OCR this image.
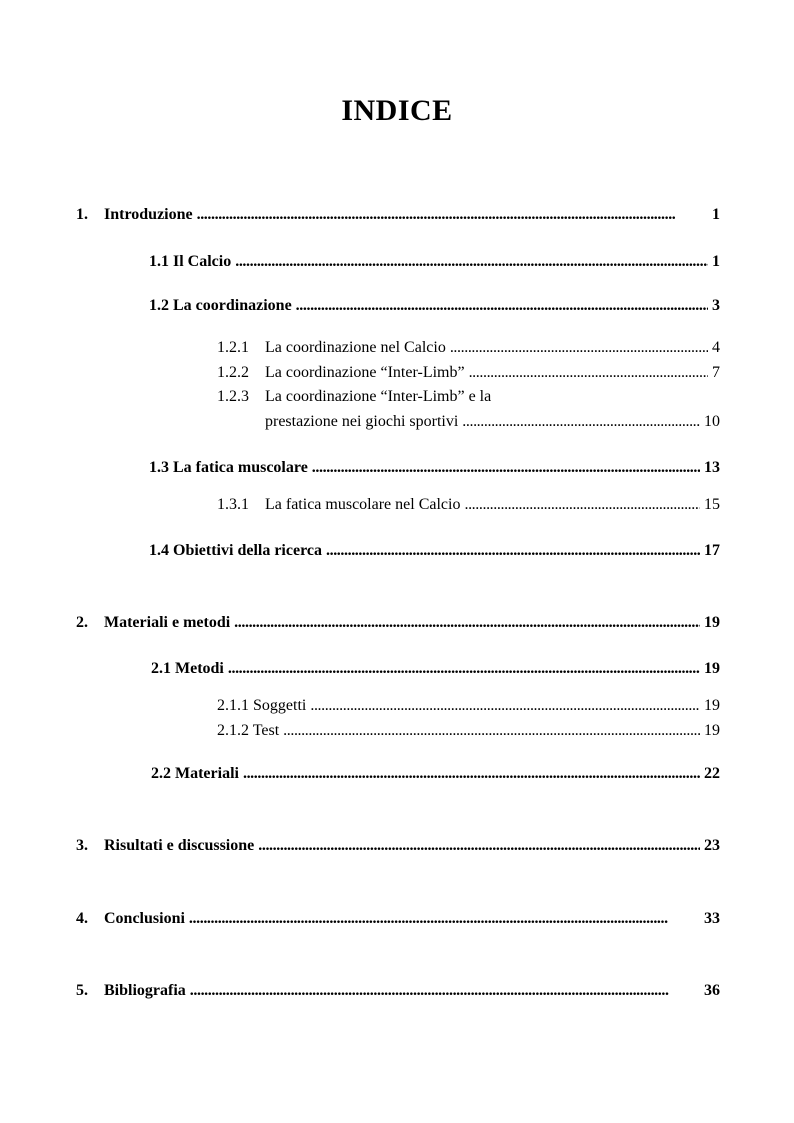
INDICE
1.	Introduzione . . .	1
1.1 Il Calcio . . .	1
1.2 La coordinazione . . .	3
1.2.1	La coordinazione nel Calcio . . .	4
1.2.2	La coordinazione “Inter-Limb” . . .	7
1.2.3 La coordinazione “Inter-Limb” e la
prestazione nei giochi sportivi . . .	10
1.3 La fatica muscolare . . .	13
1.3.1	La fatica muscolare nel Calcio . . .	15
1.4 Obiettivi della ricerca . . .	17
2.	Materiali e metodi . . .	19
2.1 Metodi . . .	19
2.1.1 Soggetti . . .	19
2.1.2 Test . . .	19
2.2 Materiali . . .	22
3.	Risultati e discussione . . .	23
4.	Conclusioni . . .	33
5.	Bibliografia . . .	36
